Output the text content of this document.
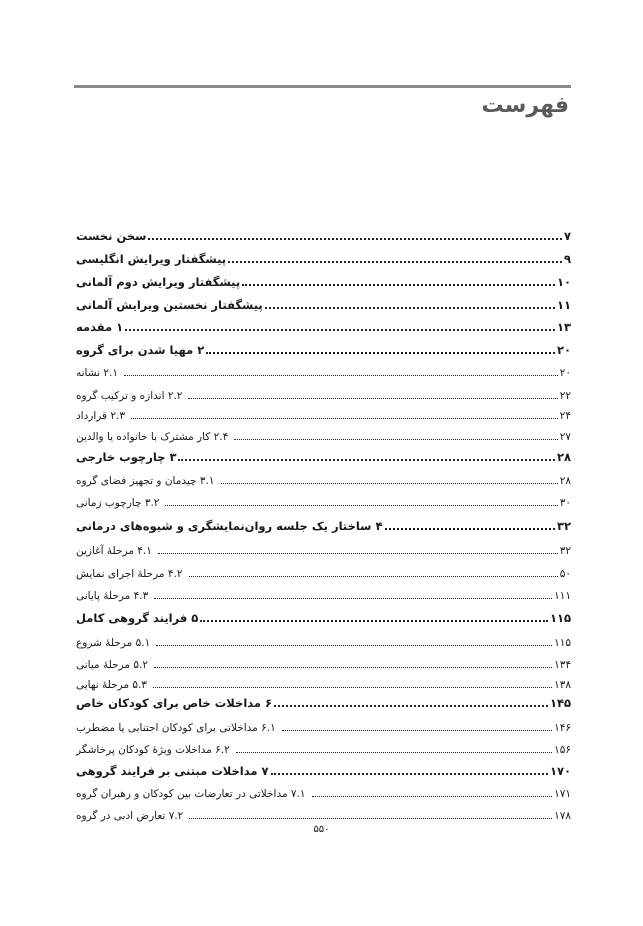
فهرست
سخن نخست	۷
پیشگفتار ویرایش انگلیسی	۹
پیشگفتار ویرایش دوم آلمانی	۱۰
پیشگفتار نخستین ویرایش آلمانی	۱۱
۱ مقدمه	۱۳
۲ مهیا شدن برای گروه	۲۰
۲.۱ نشانه	۲۰
۲.۲ اندازه و ترکیب گروه	۲۲
۲.۳ قرارداد	۲۴
۲.۴ کار مشترک با خانواده یا والدین	۲۷
۳ چارچوب خارجی	۲۸
۳.۱ چیدمان و تجهیز فضای گروه	۲۸
۳.۲ چارچوب زمانی	۳۰
۴ ساختار یک جلسه روان‌نمایشگری و شیوه‌های درمانی	۳۲
۴.۱ مرحلهٔ آغازین	۳۲
۴.۲ مرحلهٔ اجرای نمایش	۵۰
۴.۳ مرحلهٔ پایانی	۱۱۱
۵ فرایند گروهی کامل	۱۱۵
۵.۱ مرحلهٔ شروع	۱۱۵
۵.۲ مرحلهٔ میانی	۱۳۴
۵.۳ مرحلهٔ نهایی	۱۳۸
۶ مداخلات خاص برای کودکان خاص	۱۴۵
۶.۱ مداخلاتی برای کودکان اجتنابی یا مضطرب	۱۴۶
۶.۲ مداخلات ویژهٔ کودکان پرخاشگر	۱۵۶
۷ مداخلات مبتنی بر فرایند گروهی	۱۷۰
۷.۱ مداخلاتی در تعارضات بین کودکان و رهبران گروه	۱۷۱
۷.۲ تعارض ادبی در گروه	۱۷۸
۵۵۰
